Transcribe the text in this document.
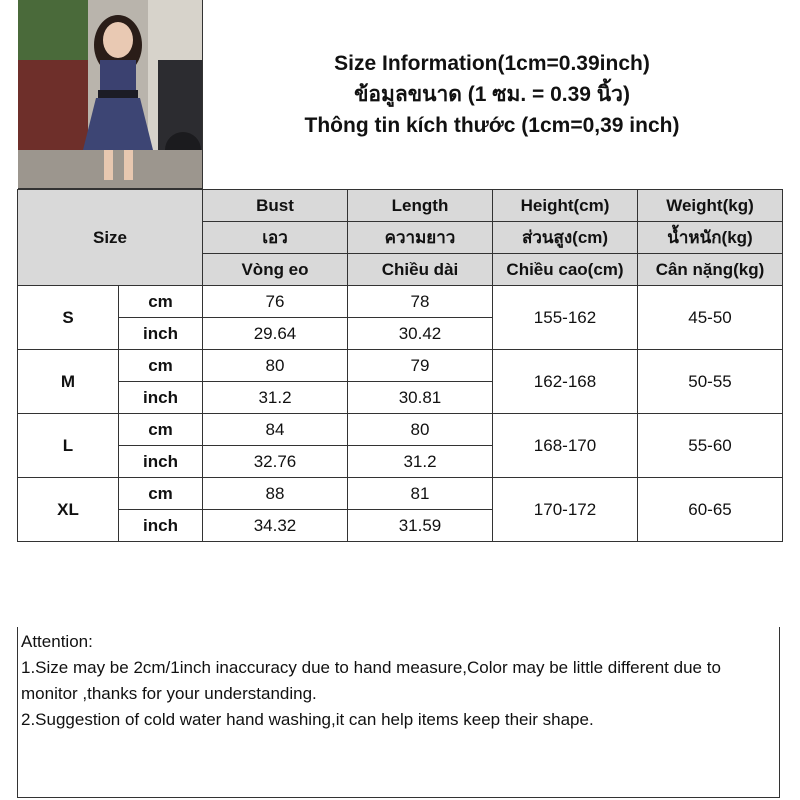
Size Information(1cm=0.39inch)
ข้อมูลขนาด (1 ซม. = 0.39 นิ้ว)
Thông tin kích thước (1cm=0,39 inch)
Size		Bust	Length	Height(cm)	Weight(kg)
		เอว	ความยาว	ส่วนสูง(cm)	น้ำหนัก(kg)
		Vòng eo	Chiều dài	Chiều cao(cm)	Cân nặng(kg)
S	cm	76	78	155-162	45-50
	inch	29.64	30.42		
M	cm	80	79	162-168	50-55
	inch	31.2	30.81		
L	cm	84	80	168-170	55-60
	inch	32.76	31.2		
XL	cm	88	81	170-172	60-65
	inch	34.32	31.59		

Attention:

1.Size may be 2cm/1inch inaccuracy due to hand measure,Color may be little different due to monitor ,thanks for your understanding.

2.Suggestion of cold water hand washing,it can help items keep their shape.
